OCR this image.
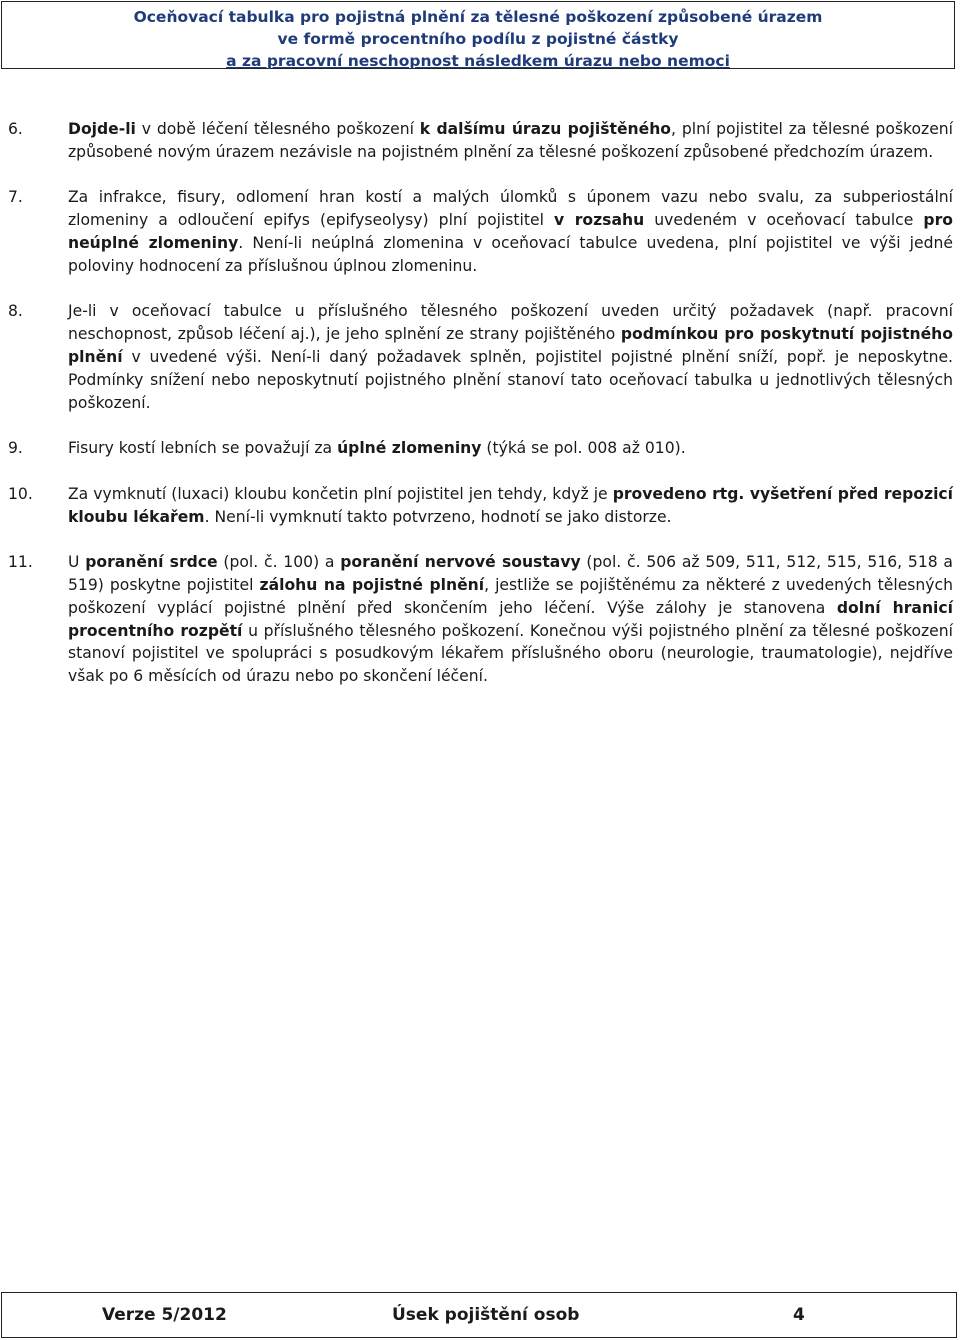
Oceňovací tabulka pro pojistná plnění za tělesné poškození způsobené úrazem
ve formě procentního podílu z pojistné částky
a za pracovní neschopnost následkem úrazu nebo nemoci
6.	Dojde-li v době léčení tělesného poškození k dalšímu úrazu pojištěného, plní pojistitel za tělesné poškození způsobené novým úrazem nezávisle na pojistném plnění za tělesné poškození způsobené předchozím úrazem.
7.	Za infrakce, fisury, odlomení hran kostí a malých úlomků s úponem vazu nebo svalu, za subperiostální zlomeniny a odloučení epifys (epifyseolysy) plní pojistitel v rozsahu uvedeném v oceňovací tabulce pro neúplné zlomeniny. Není-li neúplná zlomenina v oceňovací tabulce uvedena, plní pojistitel ve výši jedné poloviny hodnocení za příslušnou úplnou zlomeninu.
8.	Je-li v oceňovací tabulce u příslušného tělesného poškození uveden určitý požadavek (např. pracovní neschopnost, způsob léčení aj.), je jeho splnění ze strany pojištěného podmínkou pro poskytnutí pojistného plnění v uvedené výši. Není-li daný požadavek splněn, pojistitel pojistné plnění sníží, popř. je neposkytne. Podmínky snížení nebo neposkytnutí pojistného plnění stanoví tato oceňovací tabulka u jednotlivých tělesných poškození.
9.	Fisury kostí lebních se považují za úplné zlomeniny (týká se pol. 008 až 010).
10.	Za vymknutí (luxaci) kloubu končetin plní pojistitel jen tehdy, když je provedeno rtg. vyšetření před repozicí kloubu lékařem. Není-li vymknutí takto potvrzeno, hodnotí se jako distorze.
11.	U poranění srdce (pol. č. 100) a poranění nervové soustavy (pol. č. 506 až 509, 511, 512, 515, 516, 518 a 519) poskytne pojistitel zálohu na pojistné plnění, jestliže se pojištěnému za některé z uvedených tělesných poškození vyplácí pojistné plnění před skončením jeho léčení. Výše zálohy je stanovena dolní hranicí procentního rozpětí u příslušného tělesného poškození. Konečnou výši pojistného plnění za tělesné poškození stanoví pojistitel ve spolupráci s posudkovým lékařem příslušného oboru (neurologie, traumatologie), nejdříve však po 6 měsících od úrazu nebo po skončení léčení.
Verze 5/2012	Úsek pojištění osob	4
